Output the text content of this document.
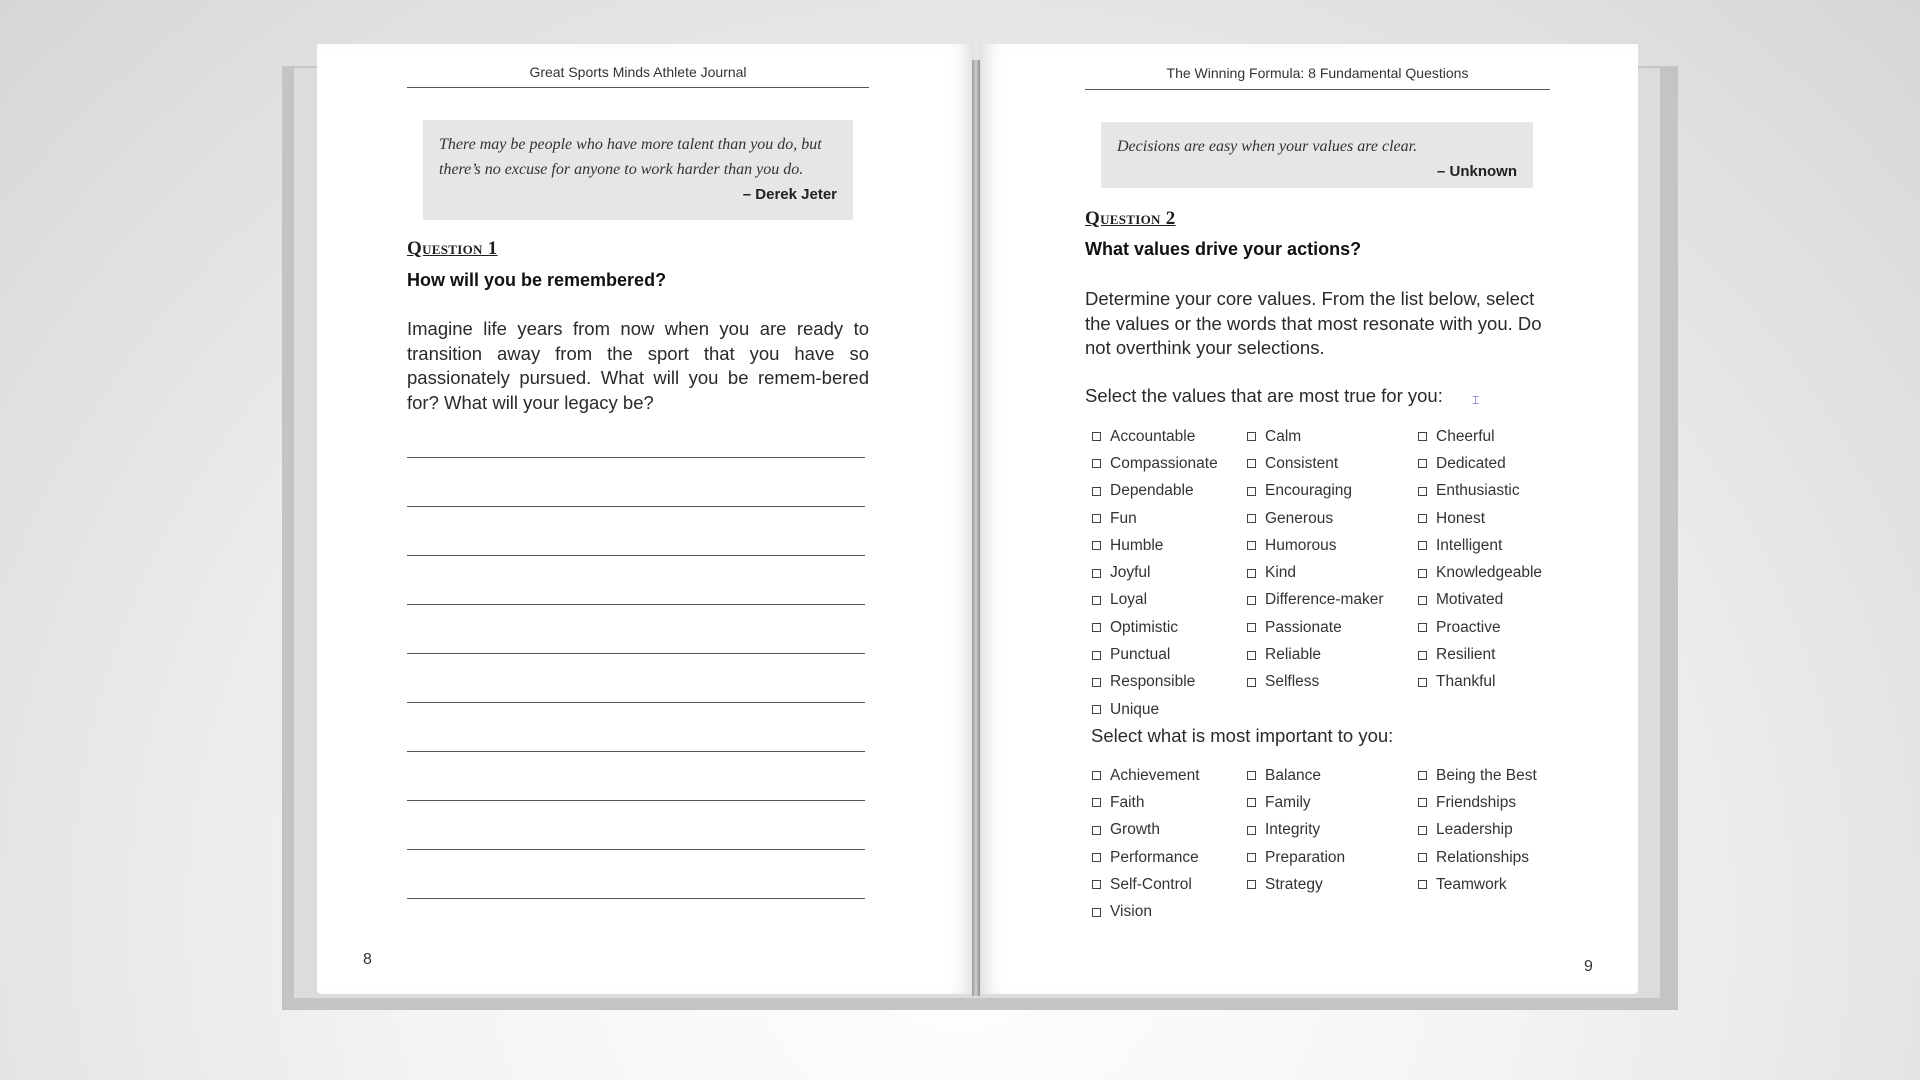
Great Sports Minds Athlete Journal
There may be people who have more talent than you do, but there’s no excuse for anyone to work harder than you do.
– Derek Jeter
Question 1
How will you be remembered?
Imagine life years from now when you are ready to transition away from the sport that you have so passionately pursued. What will you be remem-bered for? What will your legacy be?
8
The Winning Formula: 8 Fundamental Questions
Decisions are easy when your values are clear.
– Unknown
Question 2
What values drive your actions?
Determine your core values. From the list below, select the values or the words that most resonate with you. Do not overthink your selections.
Select the values that are most true for you: ⌶
Accountable
Compassionate
Dependable
Fun
Humble
Joyful
Loyal
Optimistic
Punctual
Responsible
Unique
Calm
Consistent
Encouraging
Generous
Humorous
Kind
Difference-maker
Passionate
Reliable
Selfless
Cheerful
Dedicated
Enthusiastic
Honest
Intelligent
Knowledgeable
Motivated
Proactive
Resilient
Thankful
Select what is most important to you:
Achievement
Faith
Growth
Performance
Self-Control
Vision
Balance
Family
Integrity
Preparation
Strategy
Being the Best
Friendships
Leadership
Relationships
Teamwork
9
